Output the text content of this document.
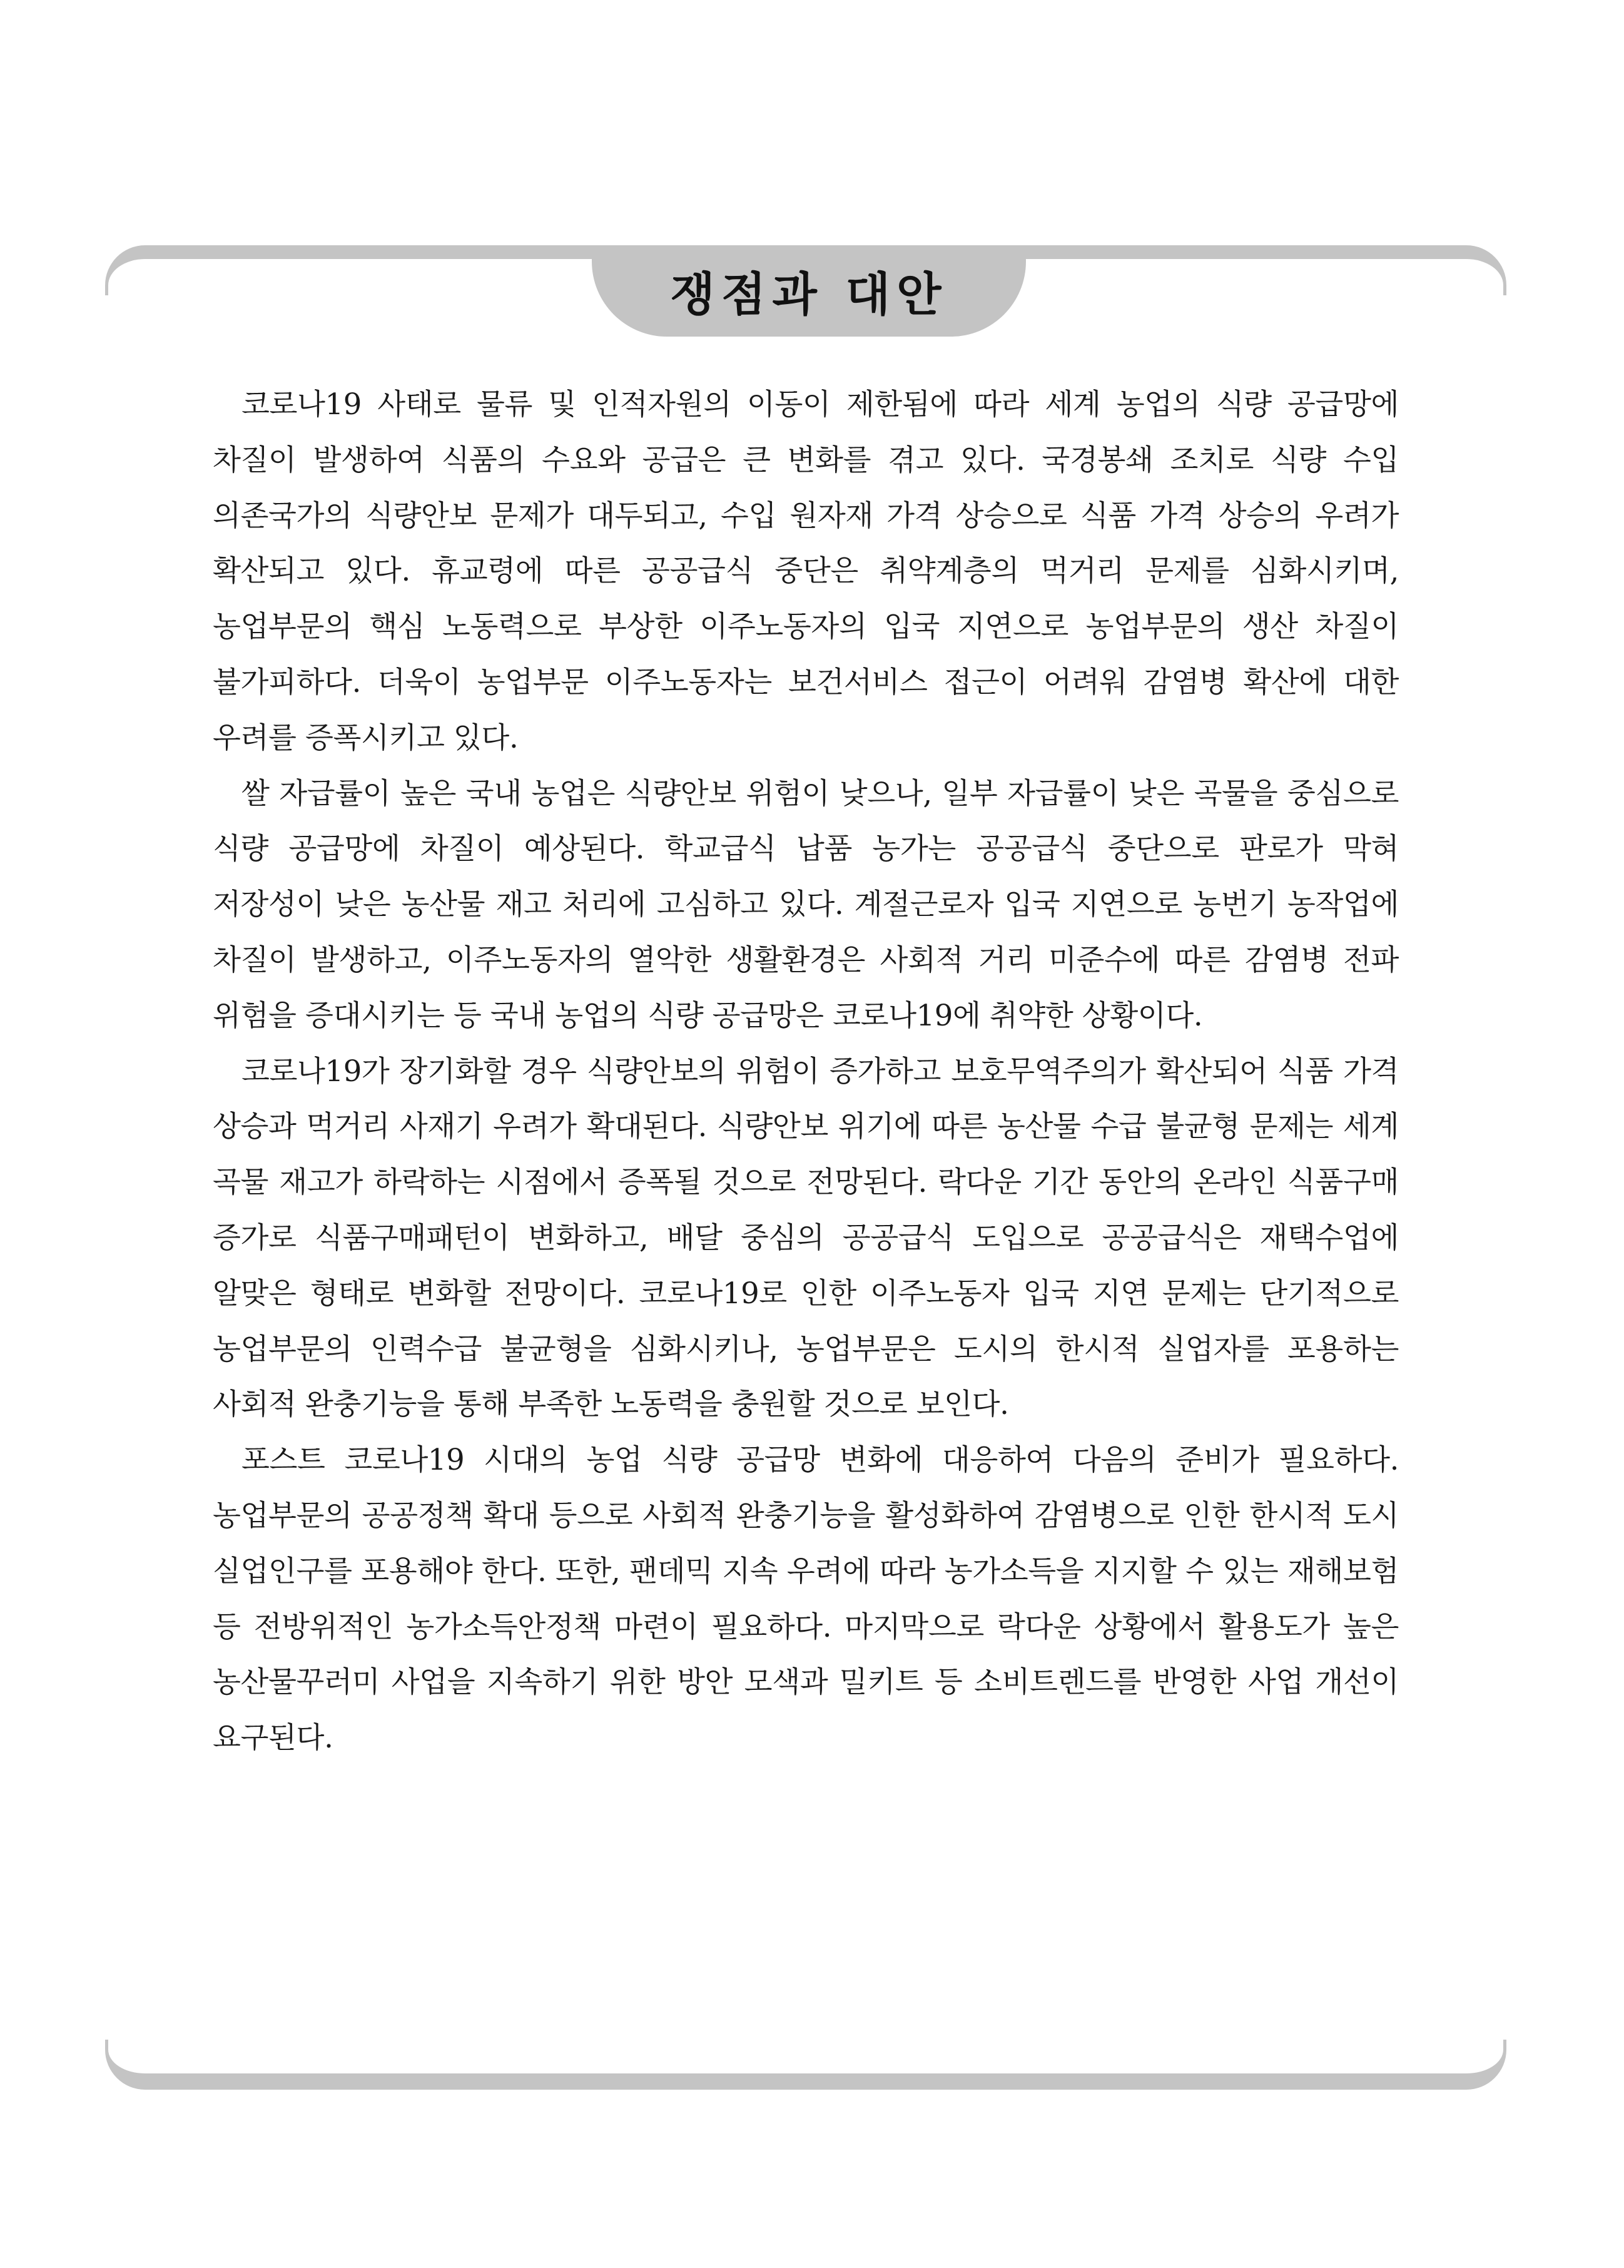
쟁점과 대안

코로나19 사태로 물류 및 인적자원의 이동이 제한됨에 따라 세계 농업의 식량 공급망에 차질이 발생하여 식품의 수요와 공급은 큰 변화를 겪고 있다. 국경봉쇄 조치로 식량 수입 의존국가의 식량안보 문제가 대두되고, 수입 원자재 가격 상승으로 식품 가격 상승의 우려가 확산되고 있다. 휴교령에 따른 공공급식 중단은 취약계층의 먹거리 문제를 심화시키며, 농업부문의 핵심 노동력으로 부상한 이주노동자의 입국 지연으로 농업부문의 생산 차질이 불가피하다. 더욱이 농업부문 이주노동자는 보건서비스 접근이 어려워 감염병 확산에 대한 우려를 증폭시키고 있다.

쌀 자급률이 높은 국내 농업은 식량안보 위험이 낮으나, 일부 자급률이 낮은 곡물을 중심으로 식량 공급망에 차질이 예상된다. 학교급식 납품 농가는 공공급식 중단으로 판로가 막혀 저장성이 낮은 농산물 재고 처리에 고심하고 있다. 계절근로자 입국 지연으로 농번기 농작업에 차질이 발생하고, 이주노동자의 열악한 생활환경은 사회적 거리 미준수에 따른 감염병 전파 위험을 증대시키는 등 국내 농업의 식량 공급망은 코로나19에 취약한 상황이다.

코로나19가 장기화할 경우 식량안보의 위험이 증가하고 보호무역주의가 확산되어 식품 가격 상승과 먹거리 사재기 우려가 확대된다. 식량안보 위기에 따른 농산물 수급 불균형 문제는 세계 곡물 재고가 하락하는 시점에서 증폭될 것으로 전망된다. 락다운 기간 동안의 온라인 식품구매 증가로 식품구매패턴이 변화하고, 배달 중심의 공공급식 도입으로 공공급식은 재택수업에 알맞은 형태로 변화할 전망이다. 코로나19로 인한 이주노동자 입국 지연 문제는 단기적으로 농업부문의 인력수급 불균형을 심화시키나, 농업부문은 도시의 한시적 실업자를 포용하는 사회적 완충기능을 통해 부족한 노동력을 충원할 것으로 보인다.

포스트 코로나19 시대의 농업 식량 공급망 변화에 대응하여 다음의 준비가 필요하다. 농업부문의 공공정책 확대 등으로 사회적 완충기능을 활성화하여 감염병으로 인한 한시적 도시 실업인구를 포용해야 한다. 또한, 팬데믹 지속 우려에 따라 농가소득을 지지할 수 있는 재해보험 등 전방위적인 농가소득안정책 마련이 필요하다. 마지막으로 락다운 상황에서 활용도가 높은 농산물꾸러미 사업을 지속하기 위한 방안 모색과 밀키트 등 소비트렌드를 반영한 사업 개선이 요구된다.
